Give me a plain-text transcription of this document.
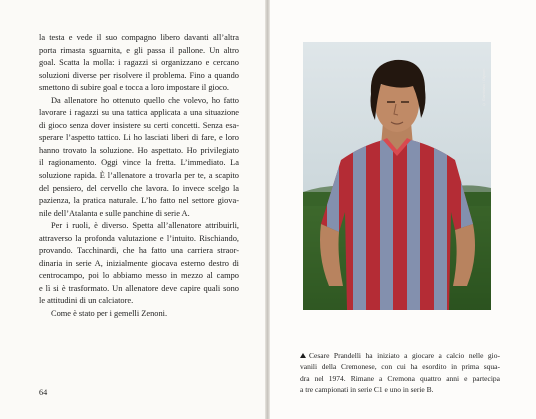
la testa e vede il suo compagno libero davanti all’altra
porta rimasta sguarnita, e gli passa il pallone. Un altro
goal. Scatta la molla: i ragazzi si organizzano e cercano
soluzioni diverse per risolvere il problema. Fino a quando
smettono di subire goal e tocca a loro impostare il gioco.
Da allenatore ho ottenuto quello che volevo, ho fatto
lavorare i ragazzi su una tattica applicata a una situazione
di gioco senza dover insistere su certi concetti. Senza esa-
sperare l’aspetto tattico. Li ho lasciati liberi di fare, e loro
hanno trovato la soluzione. Ho aspettato. Ho privilegiato
il ragionamento. Oggi vince la fretta. L’immediato. La
soluzione rapida. È l’allenatore a trovarla per te, a scapito
del pensiero, del cervello che lavora. Io invece scelgo la
pazienza, la pratica naturale. L’ho fatto nel settore giova-
nile dell’Atalanta e sulle panchine di serie A.
Per i ruoli, è diverso. Spetta all’allenatore attribuirli,
attraverso la profonda valutazione e l’intuito. Rischiando,
provando. Tacchinardi, che ha fatto una carriera straor-
dinaria in serie A, inizialmente giocava esterno destro di
centrocampo, poi lo abbiamo messo in mezzo al campo
e lì si è trasformato. Un allenatore deve capire quali sono
le attitudini di un calciatore.
Come è stato per i gemelli Zenoni.
64
© Giambalvo / Olycom
Cesare Prandelli ha iniziato a giocare a calcio nelle gio-
vanili della Cremonese, con cui ha esordito in prima squa-
dra nel 1974. Rimane a Cremona quattro anni e partecipa
a tre campionati in serie C1 e uno in serie B.
